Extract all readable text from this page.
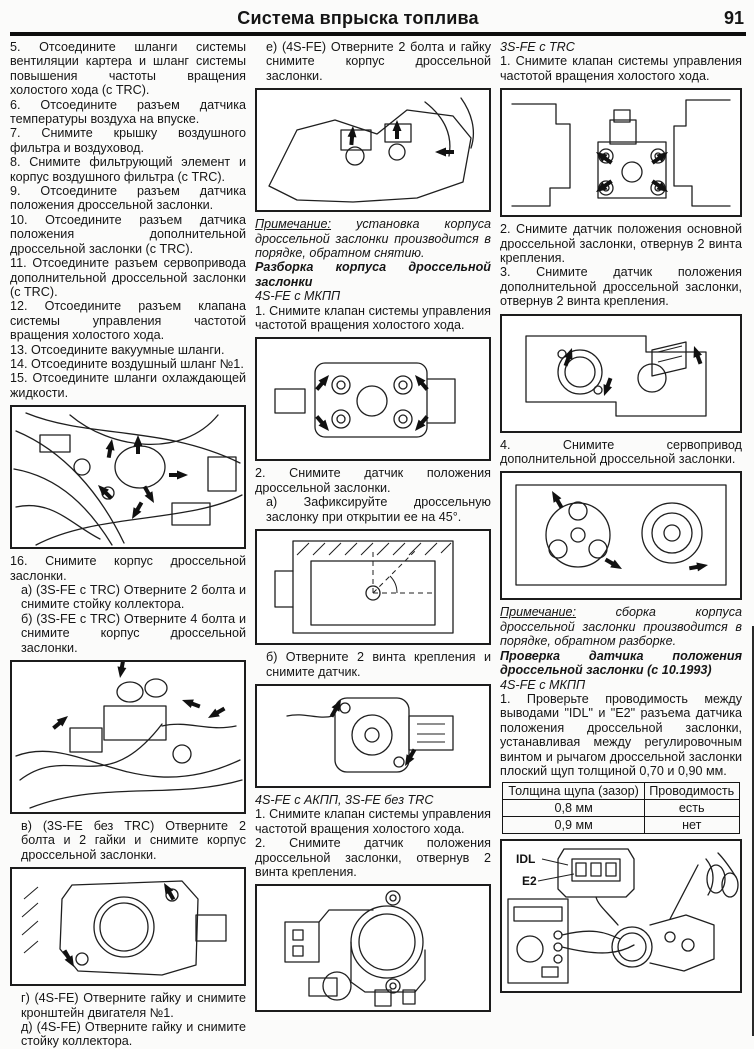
Система впрыска топлива	91

5. Отсоедините шланги системы вентиляции картера и шланг системы повышения частоты вращения холостого хода (с TRC).

6. Отсоедините разъем датчика температуры воздуха на впуске.

7. Снимите крышку воздушного фильтра и воздуховод.

8. Снимите фильтрующий элемент и корпус воздушного фильтра (с TRC).

9. Отсоедините разъем датчика положения дроссельной заслонки.

10. Отсоедините разъем датчика положения дополнительной дроссельной заслонки (с TRC).

11. Отсоедините разъем сервопривода дополнительной дроссельной заслонки (с TRC).

12. Отсоедините разъем клапана системы управления частотой вращения холостого хода.

13. Отсоедините вакуумные шланги.

14. Отсоедините воздушный шланг №1.

15. Отсоедините шланги охлаждающей жидкости.

16. Снимите корпус дроссельной заслонки.

а) (3S-FE с TRC) Отверните 2 болта и снимите стойку коллектора.

б) (3S-FE с TRC) Отверните 4 болта и снимите корпус дроссельной заслонки.

в) (3S-FE без TRC) Отверните 2 болта и 2 гайки и снимите корпус дроссельной заслонки.

г) (4S-FE) Отверните гайку и снимите кронштейн двигателя №1.

д) (4S-FE) Отверните гайку и снимите стойку коллектора.

е) (4S-FE) Отверните 2 болта и гайку снимите корпус дроссельной заслонки.

Примечание: установка корпуса дроссельной заслонки производится в порядке, обратном снятию.

Разборка корпуса дроссельной заслонки

4S-FE с МКПП

1. Снимите клапан системы управления частотой вращения холостого хода.

2. Снимите датчик положения дроссельной заслонки.

а) Зафиксируйте дроссельную заслонку при открытии ее на 45°.

б) Отверните 2 винта крепления и снимите датчик.

4S-FE с АКПП, 3S-FE без TRC

1. Снимите клапан системы управления частотой вращения холостого хода.

2. Снимите датчик положения дроссельной заслонки, отвернув 2 винта крепления.

3S-FE с TRC

1. Снимите клапан системы управления частотой вращения холостого хода.

2. Снимите датчик положения основной дроссельной заслонки, отвернув 2 винта крепления.

3. Снимите датчик положения дополнительной дроссельной заслонки, отвернув 2 винта крепления.

4. Снимите сервопривод дополнительной дроссельной заслонки.

Примечание: сборка корпуса дроссельной заслонки производится в порядке, обратном разборке.

Проверка датчика положения дроссельной заслонки (с 10.1993)

4S-FE с МКПП

1. Проверьте проводимость между выводами "IDL" и "Е2" разъема датчика положения дроссельной заслонки, устанавливая между регулировочным винтом и рычагом дроссельной заслонки плоский щуп толщиной 0,70 и 0,90 мм.

Толщина щупа (зазор)	Проводимость
0,8 мм	есть
0,9 мм	нет
IDL
E2
